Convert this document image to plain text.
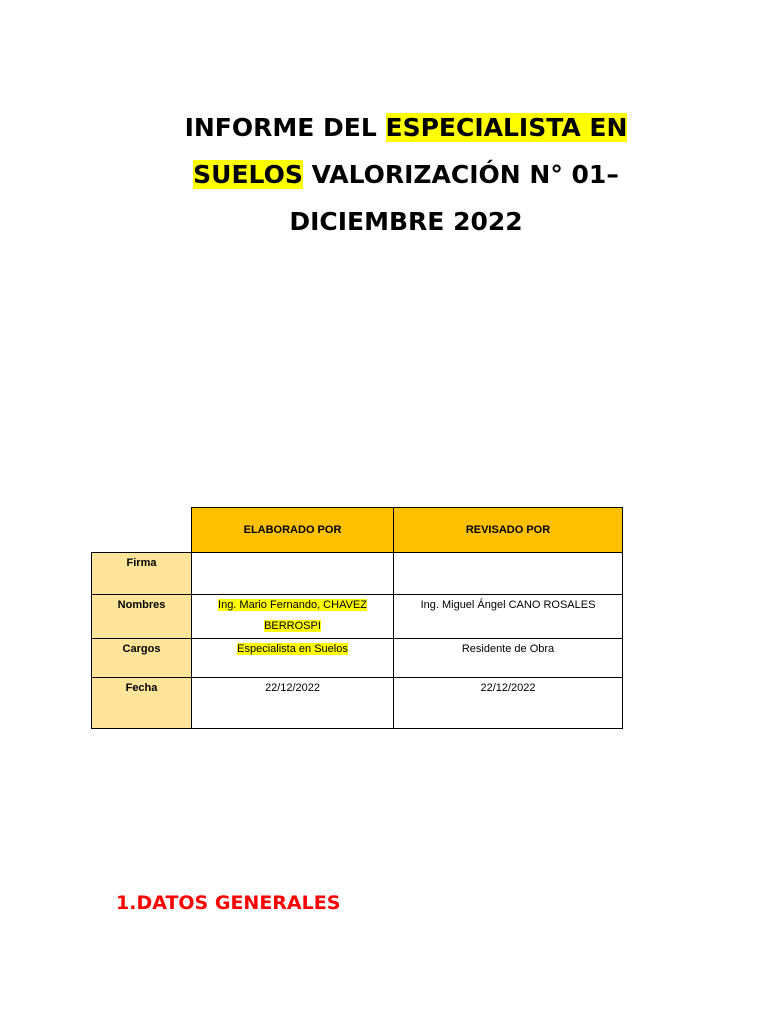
INFORME DEL ESPECIALISTA EN
SUELOS VALORIZACIÓN N° 01–
DICIEMBRE 2022
	ELABORADO POR	REVISADO POR
Firma		
Nombres	Ing. Mario Fernando, CHAVEZ BERROSPI	Ing. Miguel Ángel CANO ROSALES
Cargos	Especialista en Suelos	Residente de Obra
Fecha	22/12/2022	22/12/2022
1.DATOS GENERALES
